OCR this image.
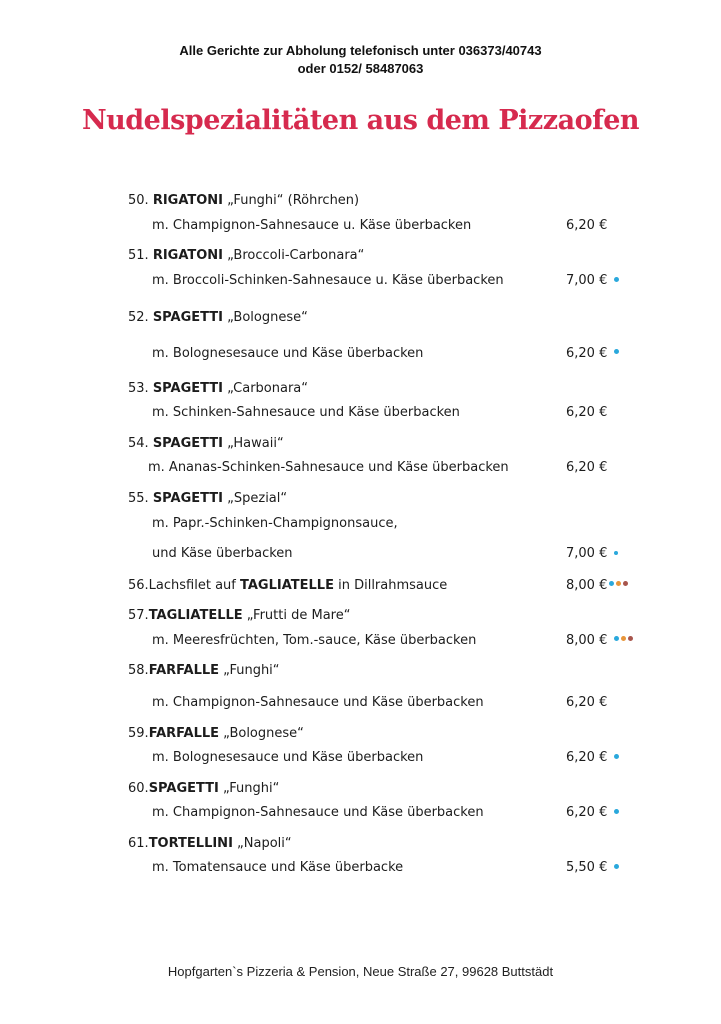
Alle Gerichte zur Abholung telefonisch unter 036373/40743
oder 0152/ 58487063
Nudelspezialitäten aus dem Pizzaofen
50. RIGATONI „Funghi“ (Röhrchen)
m. Champignon-Sahnesauce u. Käse überbacken	6,20 €
51. RIGATONI „Broccoli-Carbonara“
m. Broccoli-Schinken-Sahnesauce u. Käse überbacken	7,00 €
52. SPAGETTI „Bolognese“
m. Bolognesesauce und Käse überbacken	6,20 €
53. SPAGETTI „Carbonara“
m. Schinken-Sahnesauce und Käse überbacken	6,20 €
54. SPAGETTI „Hawaii“
m. Ananas-Schinken-Sahnesauce und Käse überbacken	6,20 €
55. SPAGETTI „Spezial“
m. Papr.-Schinken-Champignonsauce,
und Käse überbacken	7,00 €
56.Lachsfilet auf TAGLIATELLE in Dillrahmsauce	8,00 €
57.TAGLIATELLE „Frutti de Mare“
m. Meeresfrüchten, Tom.-sauce, Käse überbacken	8,00 €
58.FARFALLE „Funghi“
m. Champignon-Sahnesauce und Käse überbacken	6,20 €
59.FARFALLE „Bolognese“
m. Bolognesesauce und Käse überbacken	6,20 €
60.SPAGETTI „Funghi“
m. Champignon-Sahnesauce und Käse überbacken	6,20 €
61.TORTELLINI „Napoli“
m. Tomatensauce und Käse überbacke	5,50 €
Hopfgarten`s Pizzeria & Pension, Neue Straße 27, 99628 Buttstädt
